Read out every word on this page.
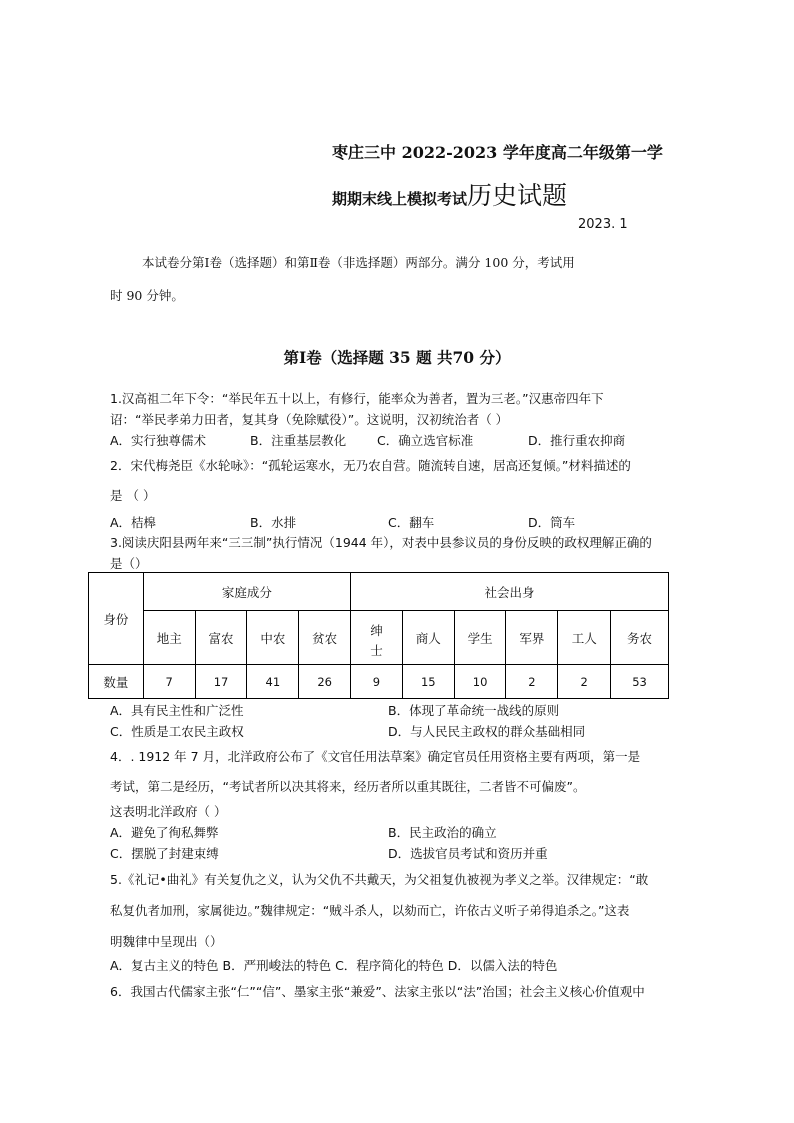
枣庄三中 2022-2023 学年度高二年级第一学
期期末线上模拟考试历史试题
2023. 1
本试卷分第Ⅰ卷（选择题）和第Ⅱ卷（非选择题）两部分。满分 100 分，考试用
时 90 分钟。
第Ⅰ卷（选择题 35 题 共70 分）
1.汉高祖二年下令：“举民年五十以上，有修行，能率众为善者，置为三老。”汉惠帝四年下
诏：“举民孝弟力田者，复其身（免除赋役）”。这说明，汉初统治者（ ）
A．实行独尊儒术	B．注重基层教化 C．确立选官标准	D．推行重农抑商
2．宋代梅尧臣《水轮咏》：“孤轮运寒水，无乃农自营。随流转自速，居高还复倾。”材料描述的
是 （ ）
A．桔槔	B．水排	C．翻车	D．筒车
3.阅读庆阳县两年来“三三制”执行情况（1944 年），对表中县参议员的身份反映的政权理解正确的
是（）
身份	家庭成分				社会出身					
	地主	富农	中农	贫农	绅士	商人	学生	军界	工人	务农
数量	7	17	41	26	9	15	10	2	2	53
A．具有民主性和广泛性	B．体现了革命统一战线的原则
C．性质是工农民主政权	D．与人民民主政权的群众基础相同
4．. 1912 年 7 月，北洋政府公布了《文官任用法草案》确定官员任用资格主要有两项，第一是
考试，第二是经历，“考试者所以决其将来，经历者所以重其既往，二者皆不可偏废”。
这表明北洋政府（ ）
A．避免了徇私舞弊	B．民主政治的确立
C．摆脱了封建束缚	D．选拔官员考试和资历并重
5.《礼记•曲礼》有关复仇之义，认为父仇不共戴天，为父祖复仇被视为孝义之举。汉律规定：“敢
私复仇者加刑，家属徙边。”魏律规定：“贼斗杀人，以劾而亡，许依古义听子弟得追杀之。”这表
明魏律中呈现出（）
A．复古主义的特色 B．严刑峻法的特色 C．程序简化的特色 D．以儒入法的特色
6．我国古代儒家主张“仁”“信”、墨家主张“兼爱”、法家主张以“法”治国；社会主义核心价值观中
